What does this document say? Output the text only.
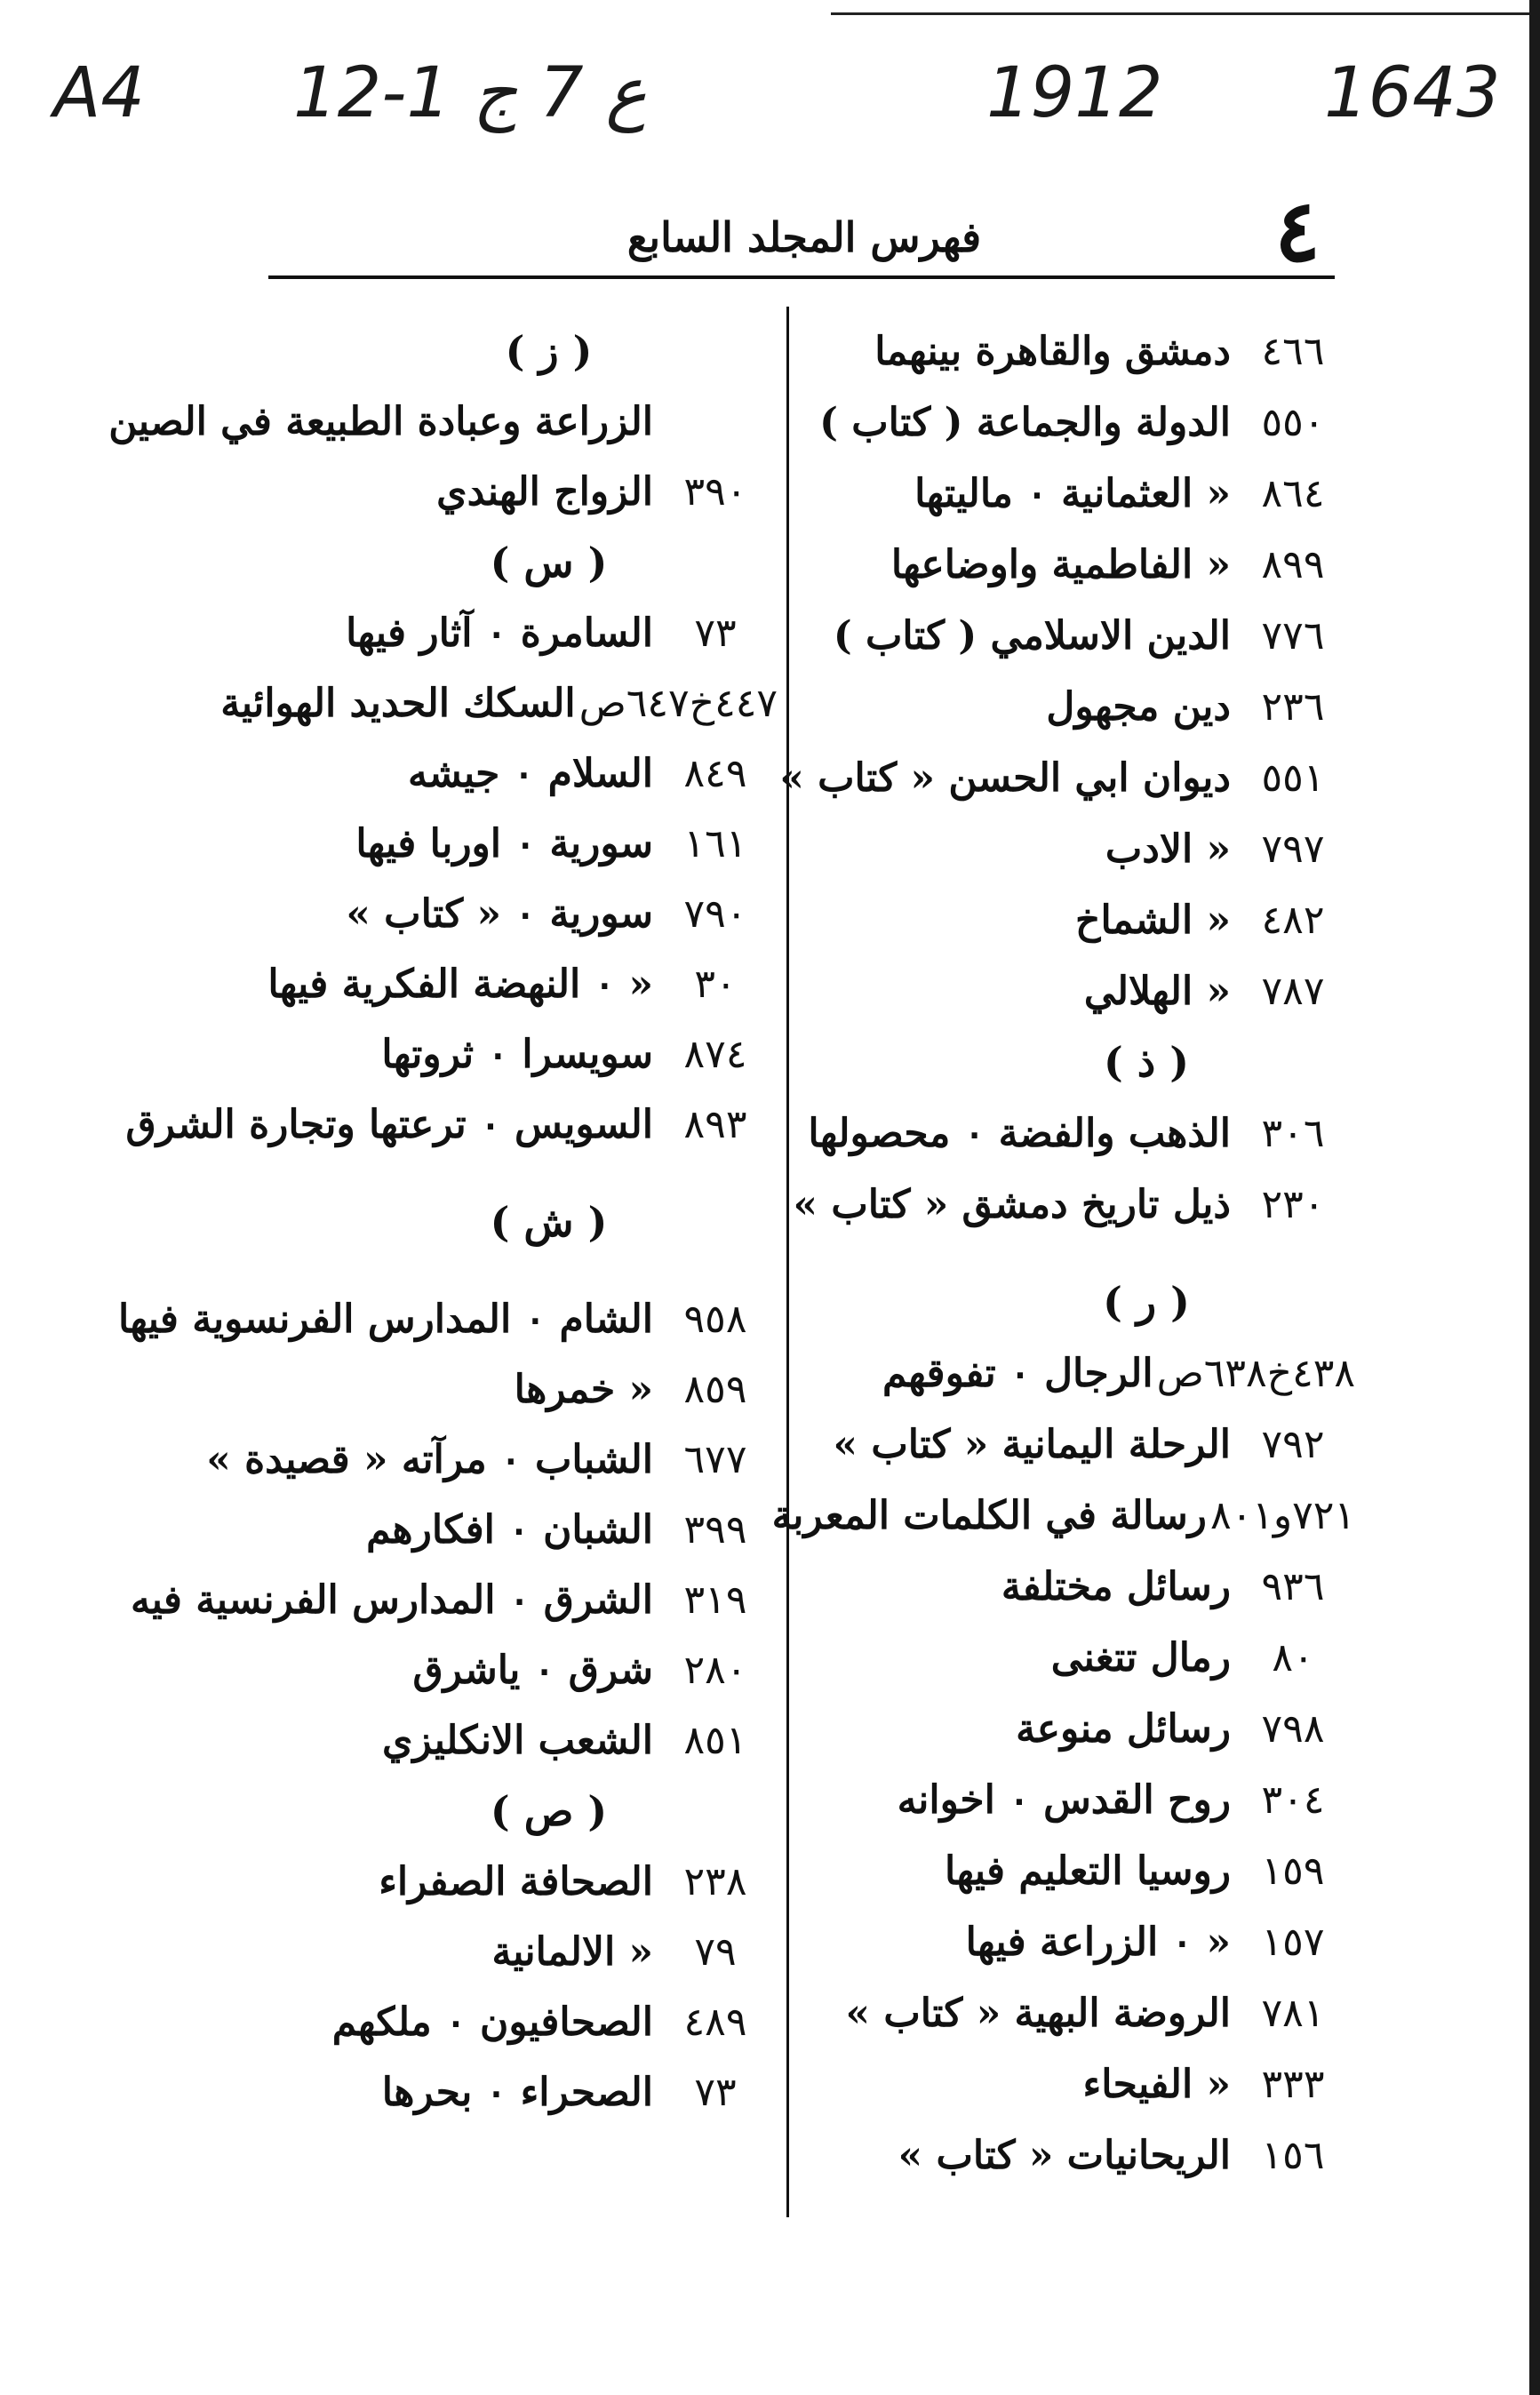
A4 12-1 ع 7 ج	1912 1643
فهرس المجلد السابع	٤
٤٦٦
دمشق والقاهرة بينهما
٥٥٠
الدولة والجماعة ( كتاب )
٨٦٤
« العثمانية ٠ ماليتها
٨٩٩
« الفاطمية واوضاعها
٧٧٦
الدين الاسلامي ( كتاب )
٢٣٦
دين مجهول
٥٥١
ديوان ابي الحسن « كتاب »
٧٩٧
« الادب
٤٨٢
« الشماخ
٧٨٧
« الهلالي
( ذ )
٣٠٦
الذهب والفضة ٠ محصولها
٢٣٠
ذيل تاريخ دمشق « كتاب »
( ر )
٤٣٨خ٦٣٨ص
الرجال ٠ تفوقهم
٧٩٢
الرحلة اليمانية « كتاب »
٧٢١و٨٠١
رسالة في الكلمات المعربة
٩٣٦
رسائل مختلفة
٨٠
رمال تتغنى
٧٩٨
رسائل منوعة
٣٠٤
روح القدس ٠ اخوانه
١٥٩
روسيا التعليم فيها
١٥٧
« ٠ الزراعة فيها
٧٨١
الروضة البهية « كتاب »
٣٣٣
« الفيحاء
١٥٦
الريحانيات « كتاب »
( ز )
الزراعة وعبادة الطبيعة في الصين
٣٩٠
الزواج الهندي
( س )
٧٣
السامرة ٠ آثار فيها
٤٤٧خ٦٤٧ص
السكك الحديد الهوائية
٨٤٩
السلام ٠ جيشه
١٦١
سورية ٠ اوربا فيها
٧٩٠
سورية ٠ « كتاب »
٣٠
« ٠ النهضة الفكرية فيها
٨٧٤
سويسرا ٠ ثروتها
٨٩٣
السويس ٠ ترعتها وتجارة الشرق
( ش )
٩٥٨
الشام ٠ المدارس الفرنسوية فيها
٨٥٩
« خمرها
٦٧٧
الشباب ٠ مرآته « قصيدة »
٣٩٩
الشبان ٠ افكارهم
٣١٩
الشرق ٠ المدارس الفرنسية فيه
٢٨٠
شرق ٠ ياشرق
٨٥١
الشعب الانكليزي
( ص )
٢٣٨
الصحافة الصفراء
٧٩
« الالمانية
٤٨٩
الصحافيون ٠ ملكهم
٧٣
الصحراء ٠ بحرها
